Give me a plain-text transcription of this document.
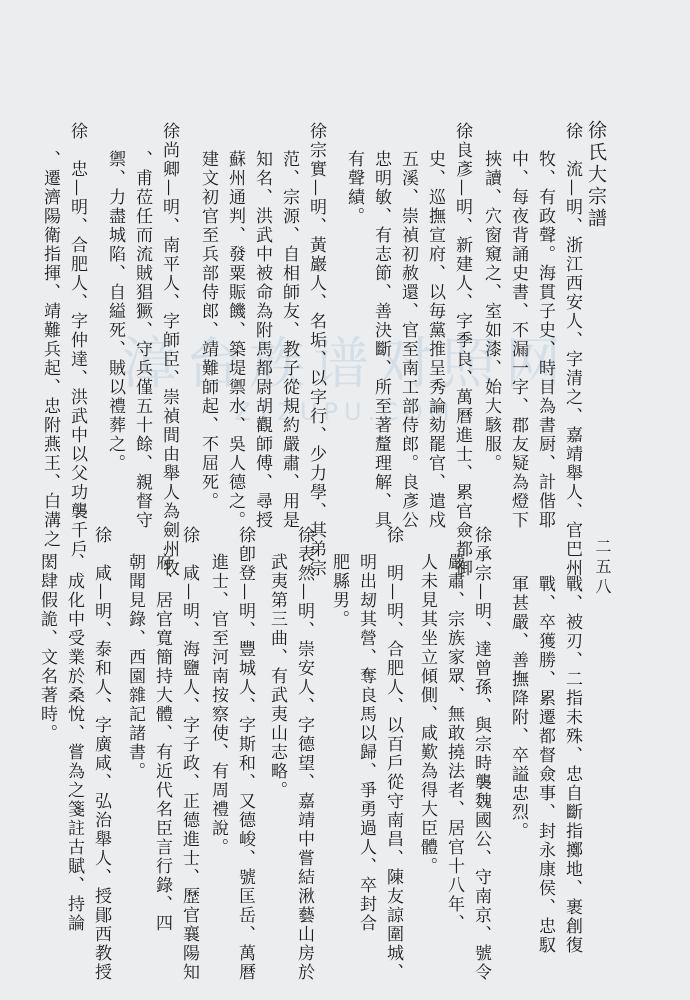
漳台族谱对照网
ZTZUPU.COM
徐氏大宗譜
二五八
徐　流—明、浙江西安人、字清之、嘉靖舉人、官巴州
牧、有政聲。海貫子史、時目為書厨、計偕耶
中、每夜背誦史書、不漏一字、郡友疑為燈下
挾讀、穴窗窺之、室如漆、始大駭服。
徐良彥—明、新建人、字季良、萬曆進士、累官僉都御
史、巡撫宣府、以毎黨推呈秀論劾罷官、遣戍
五溪、崇禎初赦還、官至南工部侍郎。良彥公
忠明敏、有志節、善決斷、所至著釐理解、具
有聲績。
徐宗實—明、黃巖人、名垢、以字行、少力學、其弟宗
范、宗源、自相師友、教子從規約嚴肅、用是
知名、洪武中被命為附馬都尉胡觀師傅、尋授
蘇州通判、發粟賑饑、築堤禦水、吳人德之。
建文初官至兵部侍郎、靖難師起、不屈死。
徐尚卿—明、南平人、字師臣、崇禎間由舉人為劍州牧
、甫莅任而流賊猖獗、守兵僅五十餘、親督守
禦、力盡城陷、自縊死、賊以禮葬之。
徐　忠—明、合肥人、字仲達、洪武中以父功襲千戶
、遷濟陽衛指揮、靖難兵起、忠附燕王、白溝之
戰、被刃、二指未殊、忠自斷指擲地、裹創復
戰、卒獲勝、累遷都督僉事、封永康侯、忠馭
軍甚嚴、善撫降附、卒謚忠烈。
徐承宗—明、達曾孫、與宗時襲魏國公、守南京、號令
嚴肅、宗族家眾、無敢撓法者、居官十八年、
人未見其坐立傾側、咸歎為得大臣體。
徐　明—明、合肥人、以百戶從守南昌、陳友諒圍城、
明出刼其營、奪良馬以歸、爭勇過人、卒封合
肥縣男。
徐表然—明、崇安人、字德望、嘉靖中嘗結湫藝山房於
武夷第三曲、有武夷山志略。
徐卽登—明、豐城人、字斯和、又德峻、號匡岳、萬曆
進士、官至河南按察使、有周禮說。
徐　咸—明、海鹽人、字子政、正德進士、歷官襄陽知
府、居官寬簡持大體、有近代名臣言行錄、四
朝聞見錄、西園雜記諸書。
徐　咸—明、泰和人、字廣咸、弘治舉人、授鄖西教授
、成化中受業於桑悅、嘗為之箋註古賦、持論
閎肆假詭、文名著時。
